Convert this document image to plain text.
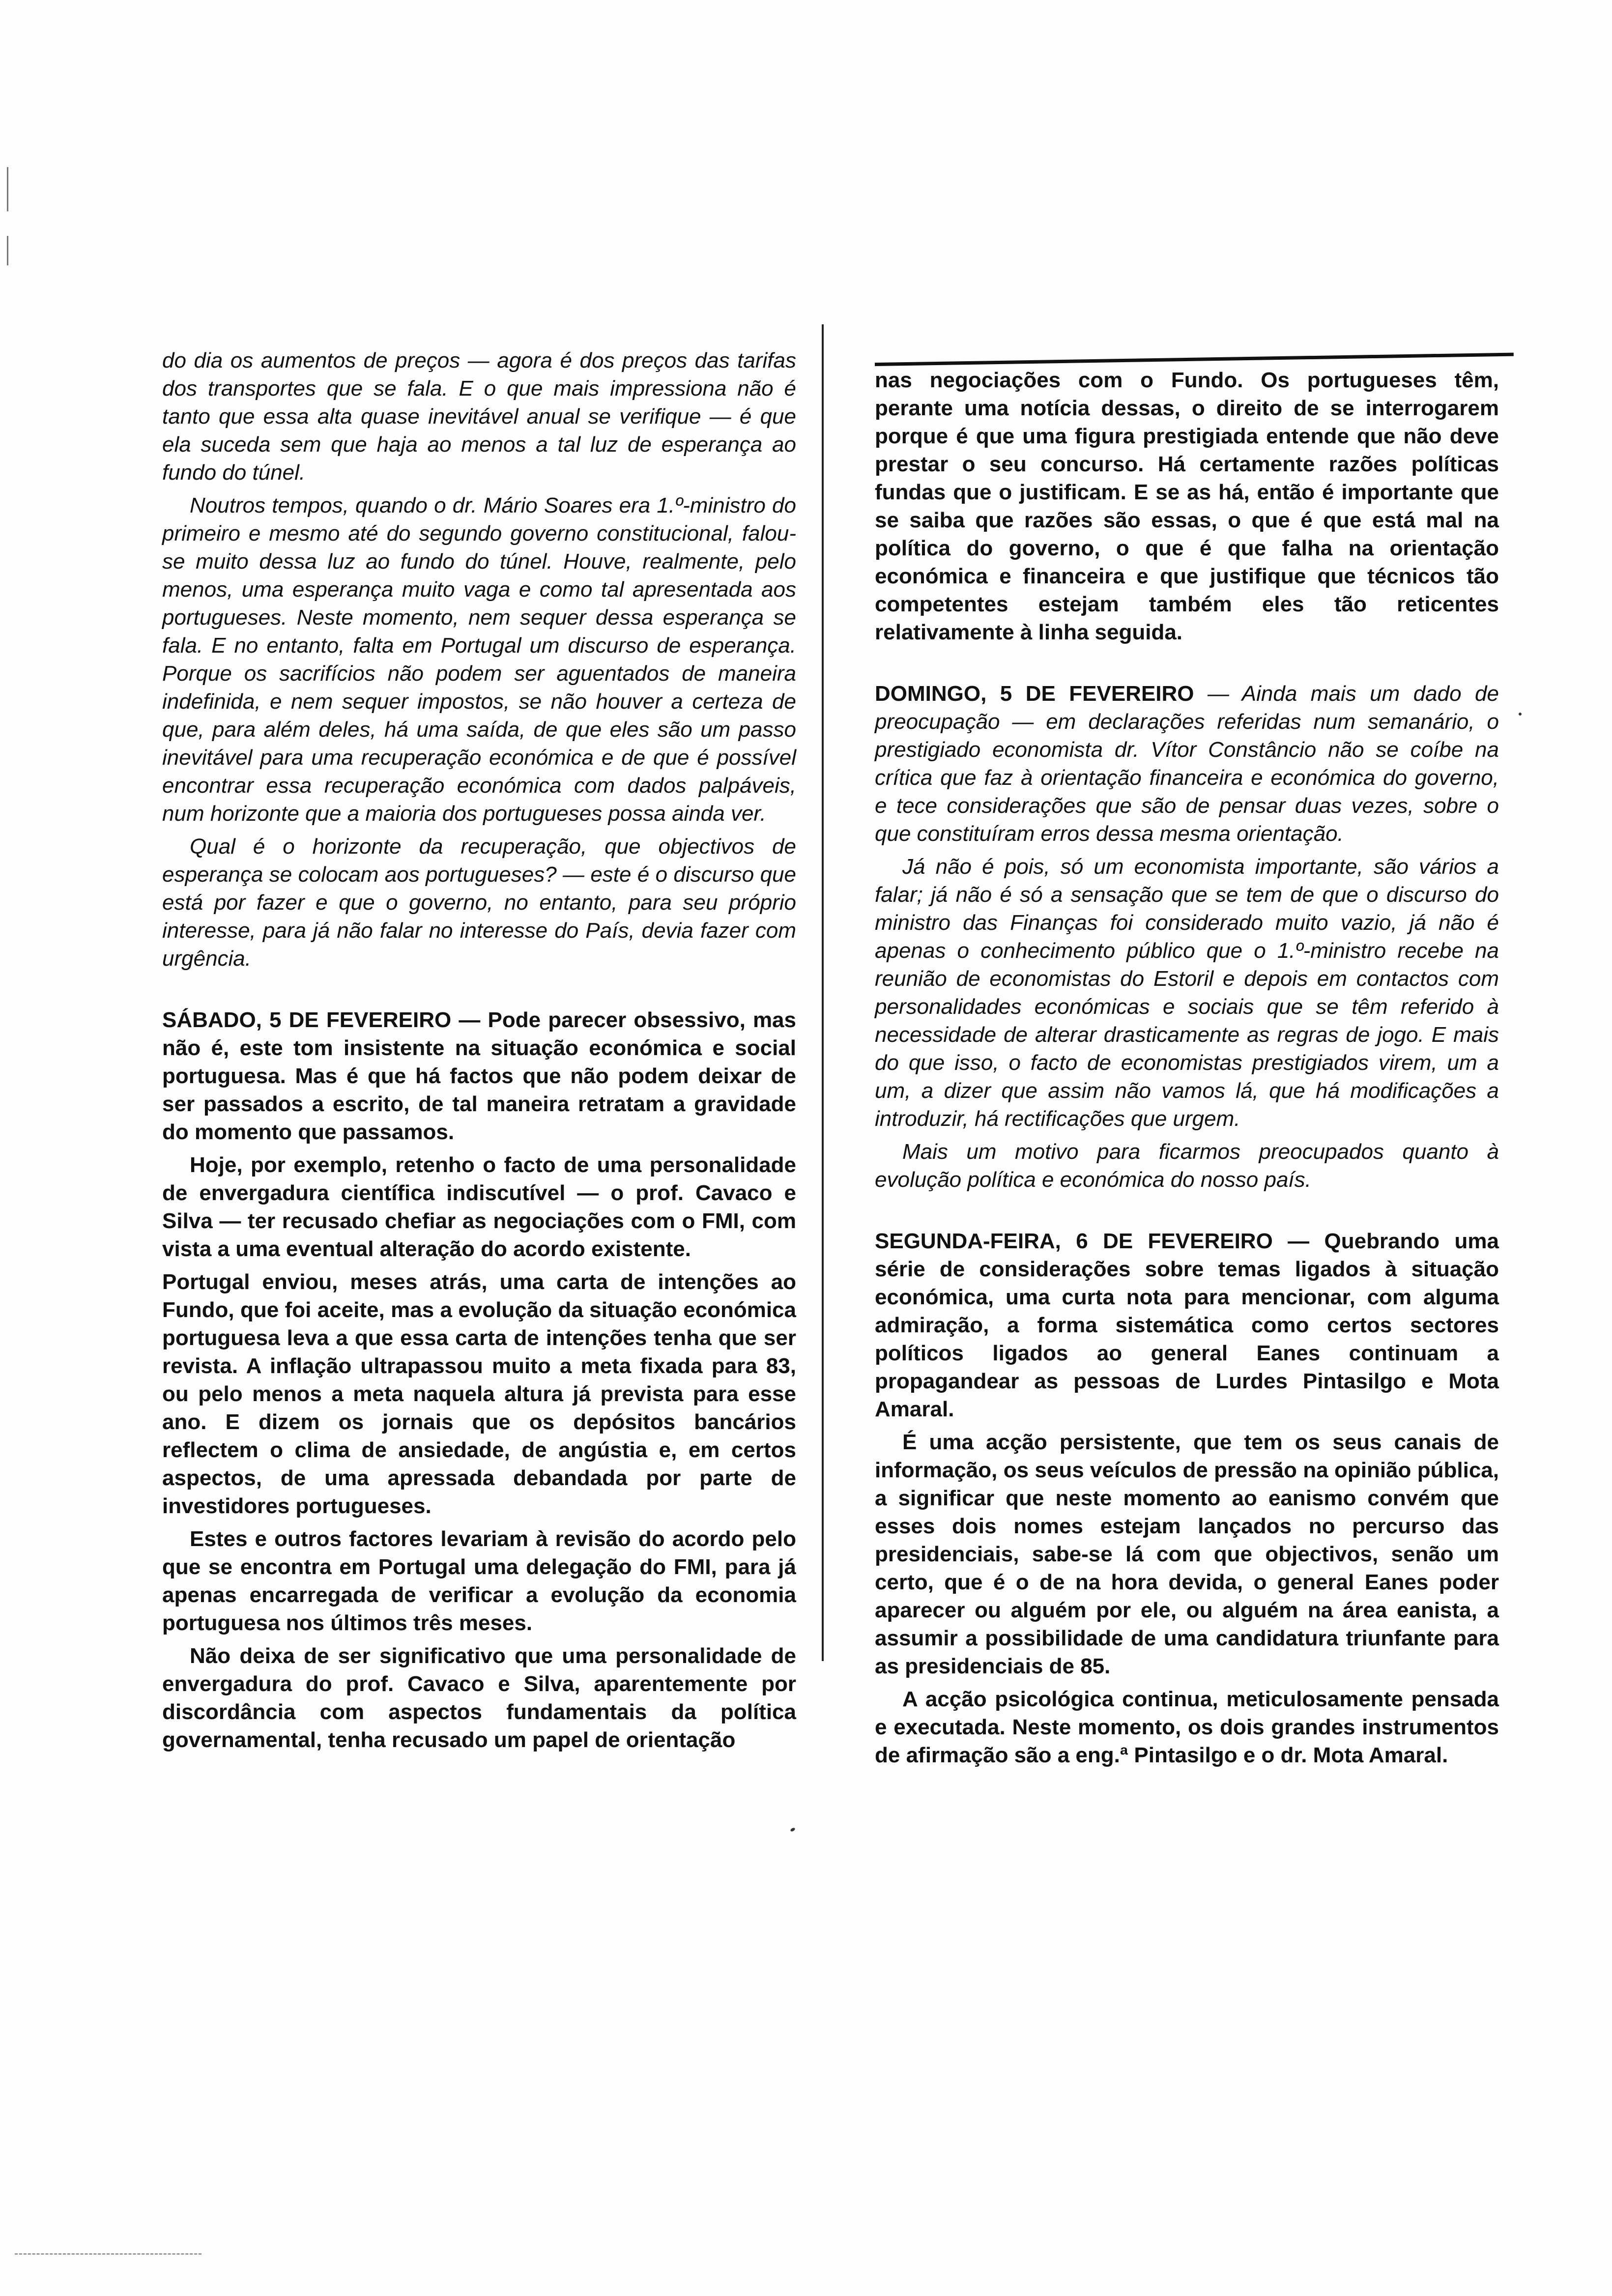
do dia os aumentos de preços — agora é dos preços das tarifas dos transportes que se fala. E o que mais impressiona não é tanto que essa alta quase inevitável anual se verifique — é que ela suceda sem que haja ao menos a tal luz de esperança ao fundo do túnel.

Noutros tempos, quando o dr. Mário Soares era 1.º-ministro do primeiro e mesmo até do segundo governo constitucional, falou-se muito dessa luz ao fundo do túnel. Houve, realmente, pelo menos, uma esperança muito vaga e como tal apresentada aos portugueses. Neste momento, nem sequer dessa esperança se fala. E no entanto, falta em Portugal um discurso de esperança. Porque os sacrifícios não podem ser aguentados de maneira indefinida, e nem sequer impostos, se não houver a certeza de que, para além deles, há uma saída, de que eles são um passo inevitável para uma recuperação económica e de que é possível encontrar essa recuperação económica com dados palpáveis, num horizonte que a maioria dos portugueses possa ainda ver.

Qual é o horizonte da recuperação, que objectivos de esperança se colocam aos portugueses? — este é o discurso que está por fazer e que o governo, no entanto, para seu próprio interesse, para já não falar no interesse do País, devia fazer com urgência.

SÁBADO, 5 DE FEVEREIRO — Pode parecer obsessivo, mas não é, este tom insistente na situação económica e social portuguesa. Mas é que há factos que não podem deixar de ser passados a escrito, de tal maneira retratam a gravidade do momento que passamos.

Hoje, por exemplo, retenho o facto de uma personalidade de envergadura científica indiscutível — o prof. Cavaco e Silva — ter recusado chefiar as negociações com o FMI, com vista a uma eventual alteração do acordo existente.

Portugal enviou, meses atrás, uma carta de intenções ao Fundo, que foi aceite, mas a evolução da situação económica portuguesa leva a que essa carta de intenções tenha que ser revista. A inflação ultrapassou muito a meta fixada para 83, ou pelo menos a meta naquela altura já prevista para esse ano. E dizem os jornais que os depósitos bancários reflectem o clima de ansiedade, de angústia e, em certos aspectos, de uma apressada debandada por parte de investidores portugueses.

Estes e outros factores levariam à revisão do acordo pelo que se encontra em Portugal uma delegação do FMI, para já apenas encarregada de verificar a evolução da economia portuguesa nos últimos três meses.

Não deixa de ser significativo que uma personalidade de envergadura do prof. Cavaco e Silva, aparentemente por discordância com aspectos fundamentais da política governamental, tenha recusado um papel de orientação

nas negociações com o Fundo. Os portugueses têm, perante uma notícia dessas, o direito de se interrogarem porque é que uma figura prestigiada entende que não deve prestar o seu concurso. Há certamente razões políticas fundas que o justificam. E se as há, então é importante que se saiba que razões são essas, o que é que está mal na política do governo, o que é que falha na orientação económica e financeira e que justifique que técnicos tão competentes estejam também eles tão reticentes relativamente à linha seguida.

DOMINGO, 5 DE FEVEREIRO — Ainda mais um dado de preocupação — em declarações referidas num semanário, o prestigiado economista dr. Vítor Constâncio não se coíbe na crítica que faz à orientação financeira e económica do governo, e tece considerações que são de pensar duas vezes, sobre o que constituíram erros dessa mesma orientação.

Já não é pois, só um economista importante, são vários a falar; já não é só a sensação que se tem de que o discurso do ministro das Finanças foi considerado muito vazio, já não é apenas o conhecimento público que o 1.º-ministro recebe na reunião de economistas do Estoril e depois em contactos com personalidades económicas e sociais que se têm referido à necessidade de alterar drasticamente as regras de jogo. E mais do que isso, o facto de economistas prestigiados virem, um a um, a dizer que assim não vamos lá, que há modificações a introduzir, há rectificações que urgem.

Mais um motivo para ficarmos preocupados quanto à evolução política e económica do nosso país.

SEGUNDA-FEIRA, 6 DE FEVEREIRO — Quebrando uma série de considerações sobre temas ligados à situação económica, uma curta nota para mencionar, com alguma admiração, a forma sistemática como certos sectores políticos ligados ao general Eanes continuam a propagandear as pessoas de Lurdes Pintasilgo e Mota Amaral.

É uma acção persistente, que tem os seus canais de informação, os seus veículos de pressão na opinião pública, a significar que neste momento ao eanismo convém que esses dois nomes estejam lançados no percurso das presidenciais, sabe-se lá com que objectivos, senão um certo, que é o de na hora devida, o general Eanes poder aparecer ou alguém por ele, ou alguém na área eanista, a assumir a possibilidade de uma candidatura triunfante para as presidenciais de 85.

A acção psicológica continua, meticulosamente pensada e executada. Neste momento, os dois grandes instrumentos de afirmação são a eng.ª Pintasilgo e o dr. Mota Amaral.
